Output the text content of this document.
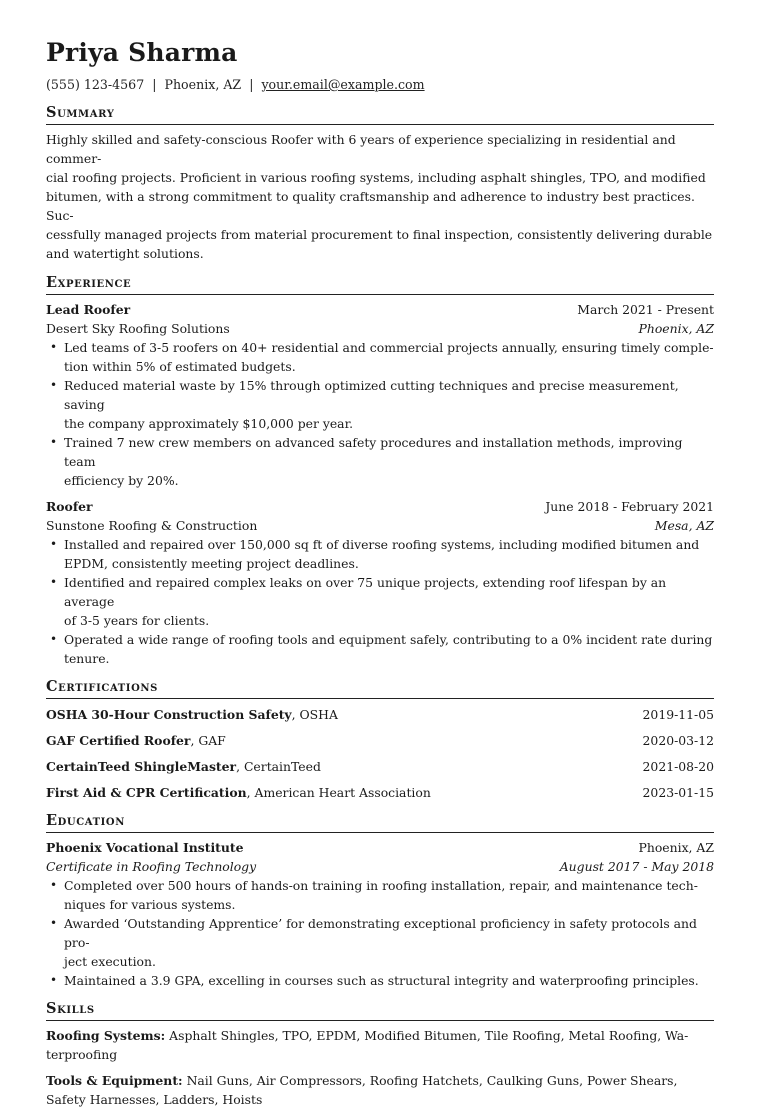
Priya Sharma
(555) 123-4567 | Phoenix, AZ | your.email@example.com
Summary
Highly skilled and safety-conscious Roofer with 6 years of experience specializing in residential and commer-
cial roofing projects. Proficient in various roofing systems, including asphalt shingles, TPO, and modified
bitumen, with a strong commitment to quality craftsmanship and adherence to industry best practices. Suc-
cessfully managed projects from material procurement to final inspection, consistently delivering durable
and watertight solutions.
Experience
Lead Roofer	March 2021 - Present
Desert Sky Roofing Solutions	Phoenix, AZ
• Led teams of 3-5 roofers on 40+ residential and commercial projects annually, ensuring timely comple-
tion within 5% of estimated budgets.
• Reduced material waste by 15% through optimized cutting techniques and precise measurement, saving
the company approximately $10,000 per year.
• Trained 7 new crew members on advanced safety procedures and installation methods, improving team
efficiency by 20%.
Roofer	June 2018 - February 2021
Sunstone Roofing & Construction	Mesa, AZ
• Installed and repaired over 150,000 sq ft of diverse roofing systems, including modified bitumen and
EPDM, consistently meeting project deadlines.
• Identified and repaired complex leaks on over 75 unique projects, extending roof lifespan by an average
of 3-5 years for clients.
• Operated a wide range of roofing tools and equipment safely, contributing to a 0% incident rate during
tenure.
Certifications
OSHA 30-Hour Construction Safety, OSHA	2019-11-05
GAF Certified Roofer, GAF	2020-03-12
CertainTeed ShingleMaster, CertainTeed	2021-08-20
First Aid & CPR Certification, American Heart Association	2023-01-15
Education
Phoenix Vocational Institute	Phoenix, AZ
Certificate in Roofing Technology	August 2017 - May 2018
• Completed over 500 hours of hands-on training in roofing installation, repair, and maintenance tech-
niques for various systems.
• Awarded ‘Outstanding Apprentice’ for demonstrating exceptional proficiency in safety protocols and pro-
ject execution.
• Maintained a 3.9 GPA, excelling in courses such as structural integrity and waterproofing principles.
Skills
Roofing Systems: Asphalt Shingles, TPO, EPDM, Modified Bitumen, Tile Roofing, Metal Roofing, Wa-
terproofing
Tools & Equipment: Nail Guns, Air Compressors, Roofing Hatchets, Caulking Guns, Power Shears,
Safety Harnesses, Ladders, Hoists
